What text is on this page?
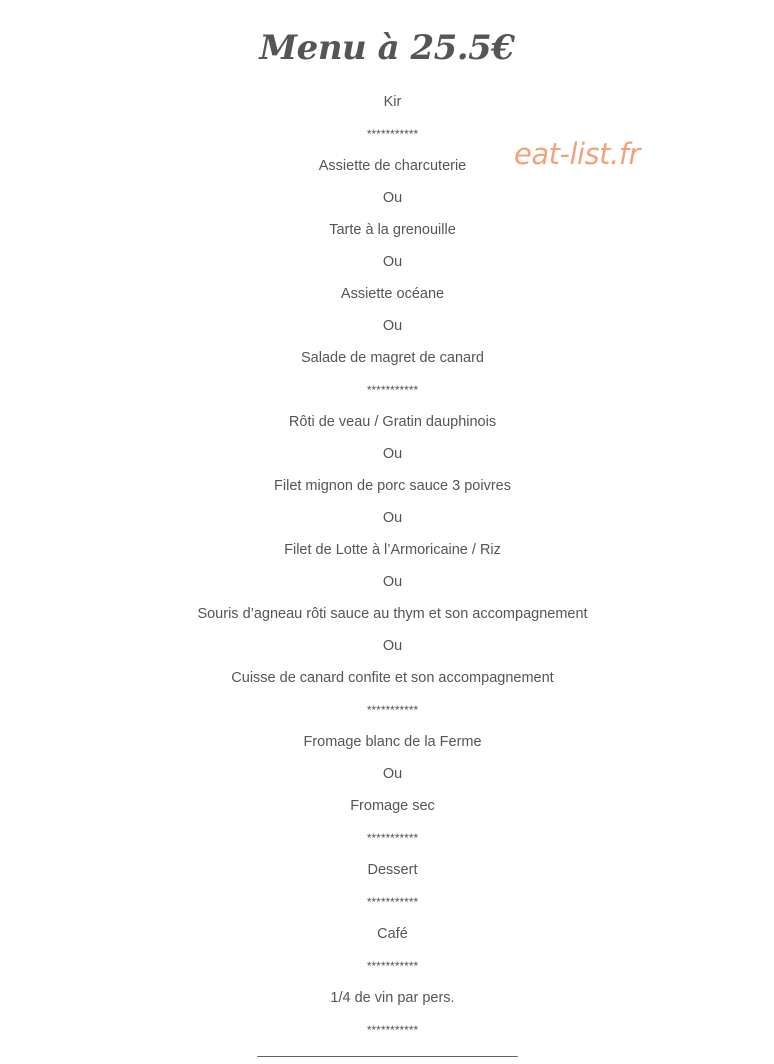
Menu à 25.5€
eat-list.fr
Kir
***********
Assiette de charcuterie
Ou
Tarte à la grenouille
Ou
Assiette océane
Ou
Salade de magret de canard
***********
Rôti de veau / Gratin dauphinois
Ou
Filet mignon de porc sauce 3 poivres
Ou
Filet de Lotte à l’Armoricaine / Riz
Ou
Souris d’agneau rôti sauce au thym et son accompagnement
Ou
Cuisse de canard confite et son accompagnement
***********
Fromage blanc de la Ferme
Ou
Fromage sec
***********
Dessert
***********
Café
***********
1/4 de vin par pers.
***********
——————————————————————————————————————
